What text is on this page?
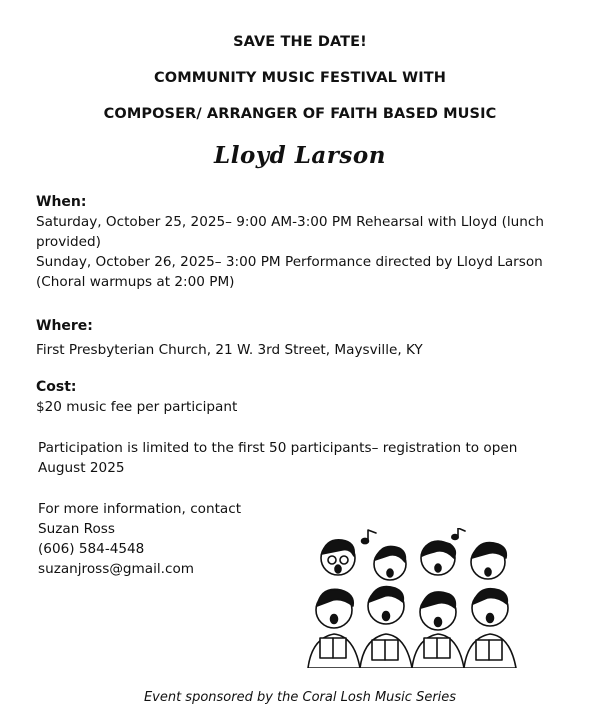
SAVE THE DATE!
COMMUNITY MUSIC FESTIVAL WITH
COMPOSER/ ARRANGER OF FAITH BASED MUSIC
Lloyd Larson
When:
Saturday, October 25, 2025– 9:00 AM-3:00 PM Rehearsal with Lloyd (lunch
provided)
Sunday, October 26, 2025– 3:00 PM Performance directed by Lloyd Larson
(Choral warmups at 2:00 PM)
Where:
First Presbyterian Church, 21 W. 3rd Street, Maysville, KY
Cost:
$20 music fee per participant
Participation is limited to the first 50 participants– registration to open
August 2025
For more information, contact
Suzan Ross
(606) 584-4548
suzanjross@gmail.com
Event sponsored by the Coral Losh Music Series
